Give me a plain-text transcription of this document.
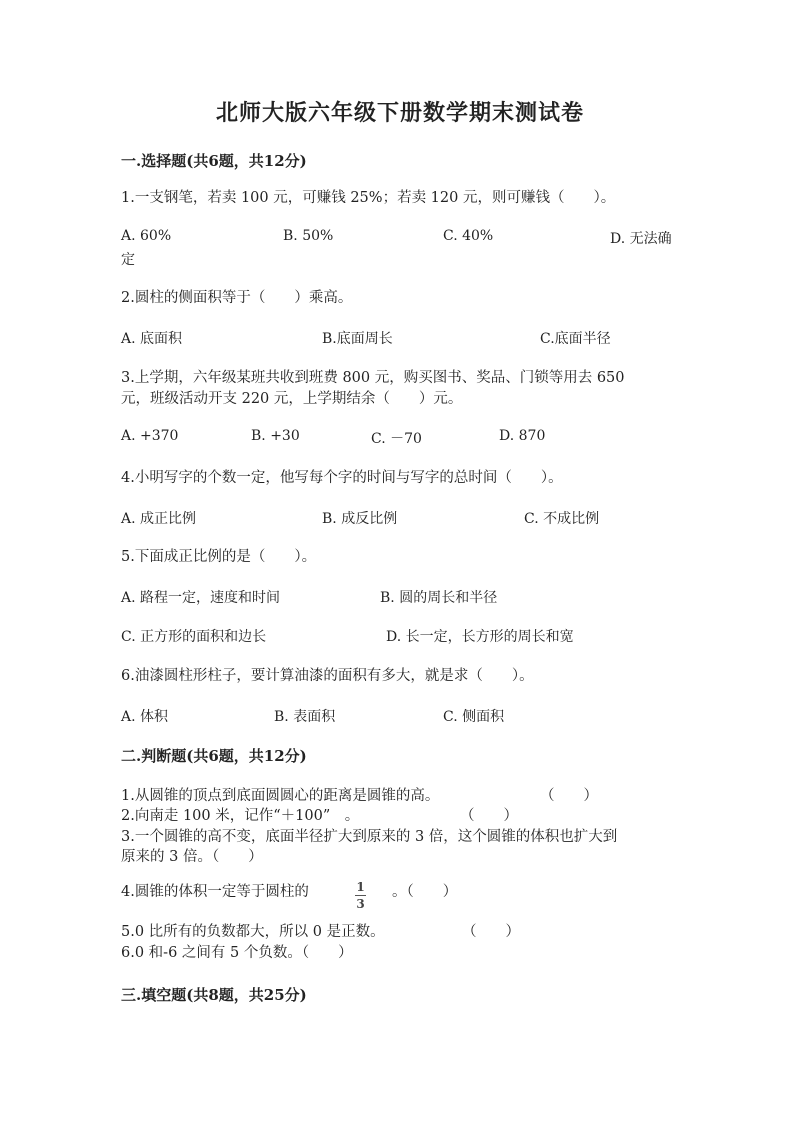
北师大版六年级下册数学期末测试卷
一.选择题(共6题，共12分)
1.一支钢笔，若卖 100 元，可赚钱 25%；若卖 120 元，则可赚钱（　　）。
A. 60%	B. 50%	C. 40%	D. 无法确
定
2.圆柱的侧面积等于（　　）乘高。
A. 底面积	B.底面周长	C.底面半径
3.上学期，六年级某班共收到班费 800 元，购买图书、奖品、门锁等用去 650
元，班级活动开支 220 元，上学期结余（　　）元。
A. +370	B. +30	C. －70	D. 870
4.小明写字的个数一定，他写每个字的时间与写字的总时间（　　）。
A. 成正比例	B. 成反比例	C. 不成比例
5.下面成正比例的是（　　）。
A. 路程一定，速度和时间	B. 圆的周长和半径
C. 正方形的面积和边长	D. 长一定，长方形的周长和宽
6.油漆圆柱形柱子，要计算油漆的面积有多大，就是求（　　）。
A. 体积	B. 表面积	C. 侧面积
二.判断题(共6题，共12分)
1.从圆锥的顶点到底面圆圆心的距离是圆锥的高。	（　　）
2.向南走 100 米，记作“＋100”　。	（　　）
3.一个圆锥的高不变，底面半径扩大到原来的 3 倍，这个圆锥的体积也扩大到
原来的 3 倍。（　　）
4.圆锥的体积一定等于圆柱的	$\frac{1}{3}$ 。（　　）
5.0 比所有的负数都大，所以 0 是正数。	（　　）
6.0 和-6 之间有 5 个负数。（　　）
三.填空题(共8题，共25分)
